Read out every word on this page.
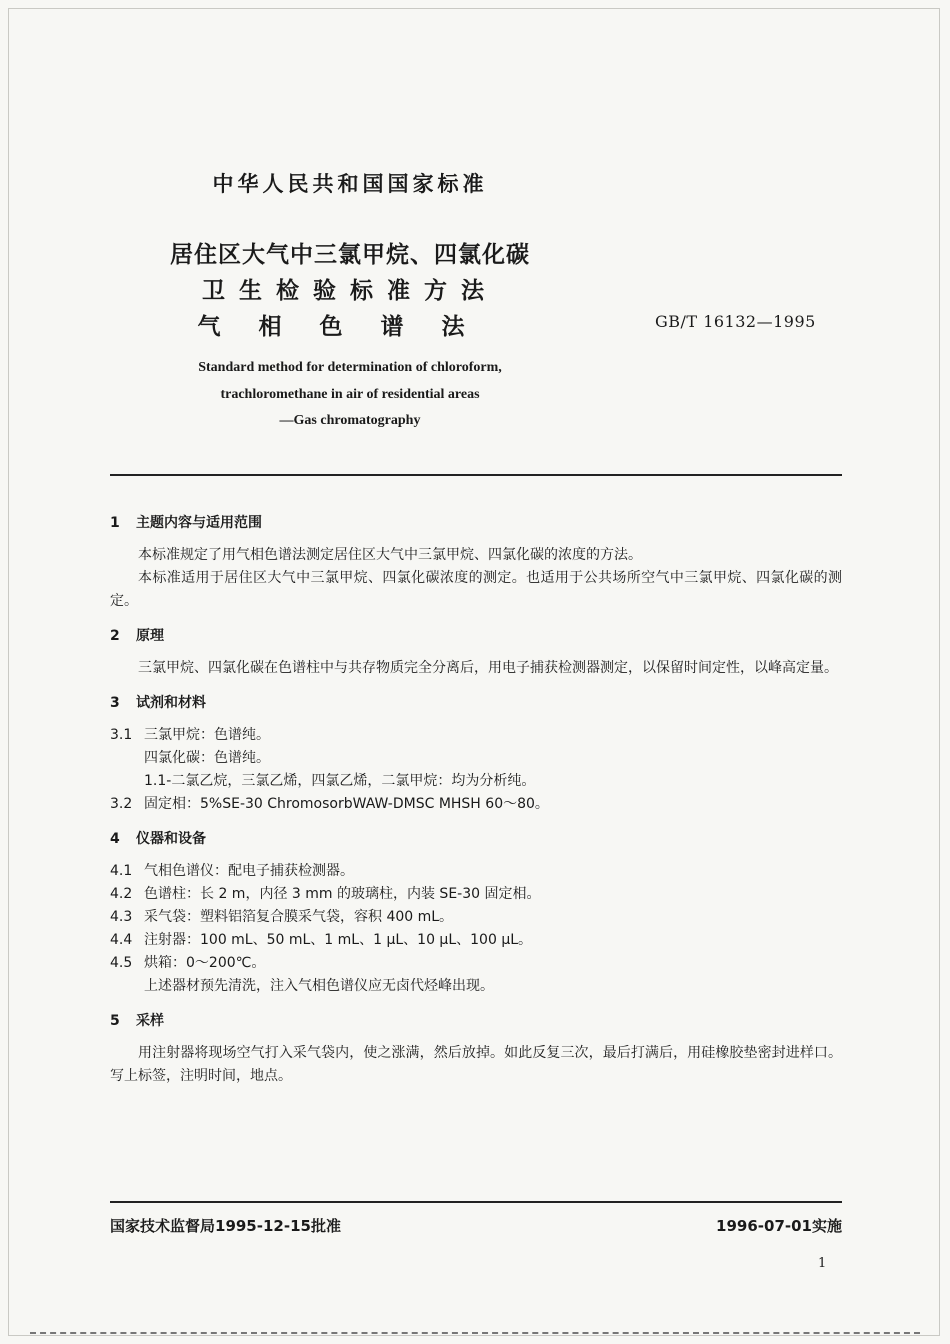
中华人民共和国国家标准
居住区大气中三氯甲烷、四氯化碳
卫生检验标准方法
气相色谱法	GB/T 16132—1995
Standard method for determination of chloroform,
trachloromethane in air of residential areas
—Gas chromatography

1 主题内容与适用范围

本标准规定了用气相色谱法测定居住区大气中三氯甲烷、四氯化碳的浓度的方法。

本标准适用于居住区大气中三氯甲烷、四氯化碳浓度的测定。也适用于公共场所空气中三氯甲烷、四氯化碳的测定。

2 原理

三氯甲烷、四氯化碳在色谱柱中与共存物质完全分离后，用电子捕获检测器测定，以保留时间定性，以峰高定量。

3 试剂和材料

3.1 三氯甲烷：色谱纯。

四氯化碳：色谱纯。

1.1-二氯乙烷，三氯乙烯，四氯乙烯，二氯甲烷：均为分析纯。

3.2 固定相：5%SE-30 ChromosorbWAW-DMSC MHSH 60～80。

4 仪器和设备

4.1 气相色谱仪：配电子捕获检测器。

4.2 色谱柱：长 2 m，内径 3 mm 的玻璃柱，内装 SE-30 固定相。

4.3 采气袋：塑料铝箔复合膜采气袋，容积 400 mL。

4.4 注射器：100 mL、50 mL、1 mL、1 μL、10 μL、100 μL。

4.5 烘箱：0～200℃。

上述器材预先清洗，注入气相色谱仪应无卤代烃峰出现。

5 采样

用注射器将现场空气打入采气袋内，使之涨满，然后放掉。如此反复三次，最后打满后，用硅橡胶垫密封进样口。写上标签，注明时间，地点。

国家技术监督局1995-12-15批准	1996-07-01实施
1
